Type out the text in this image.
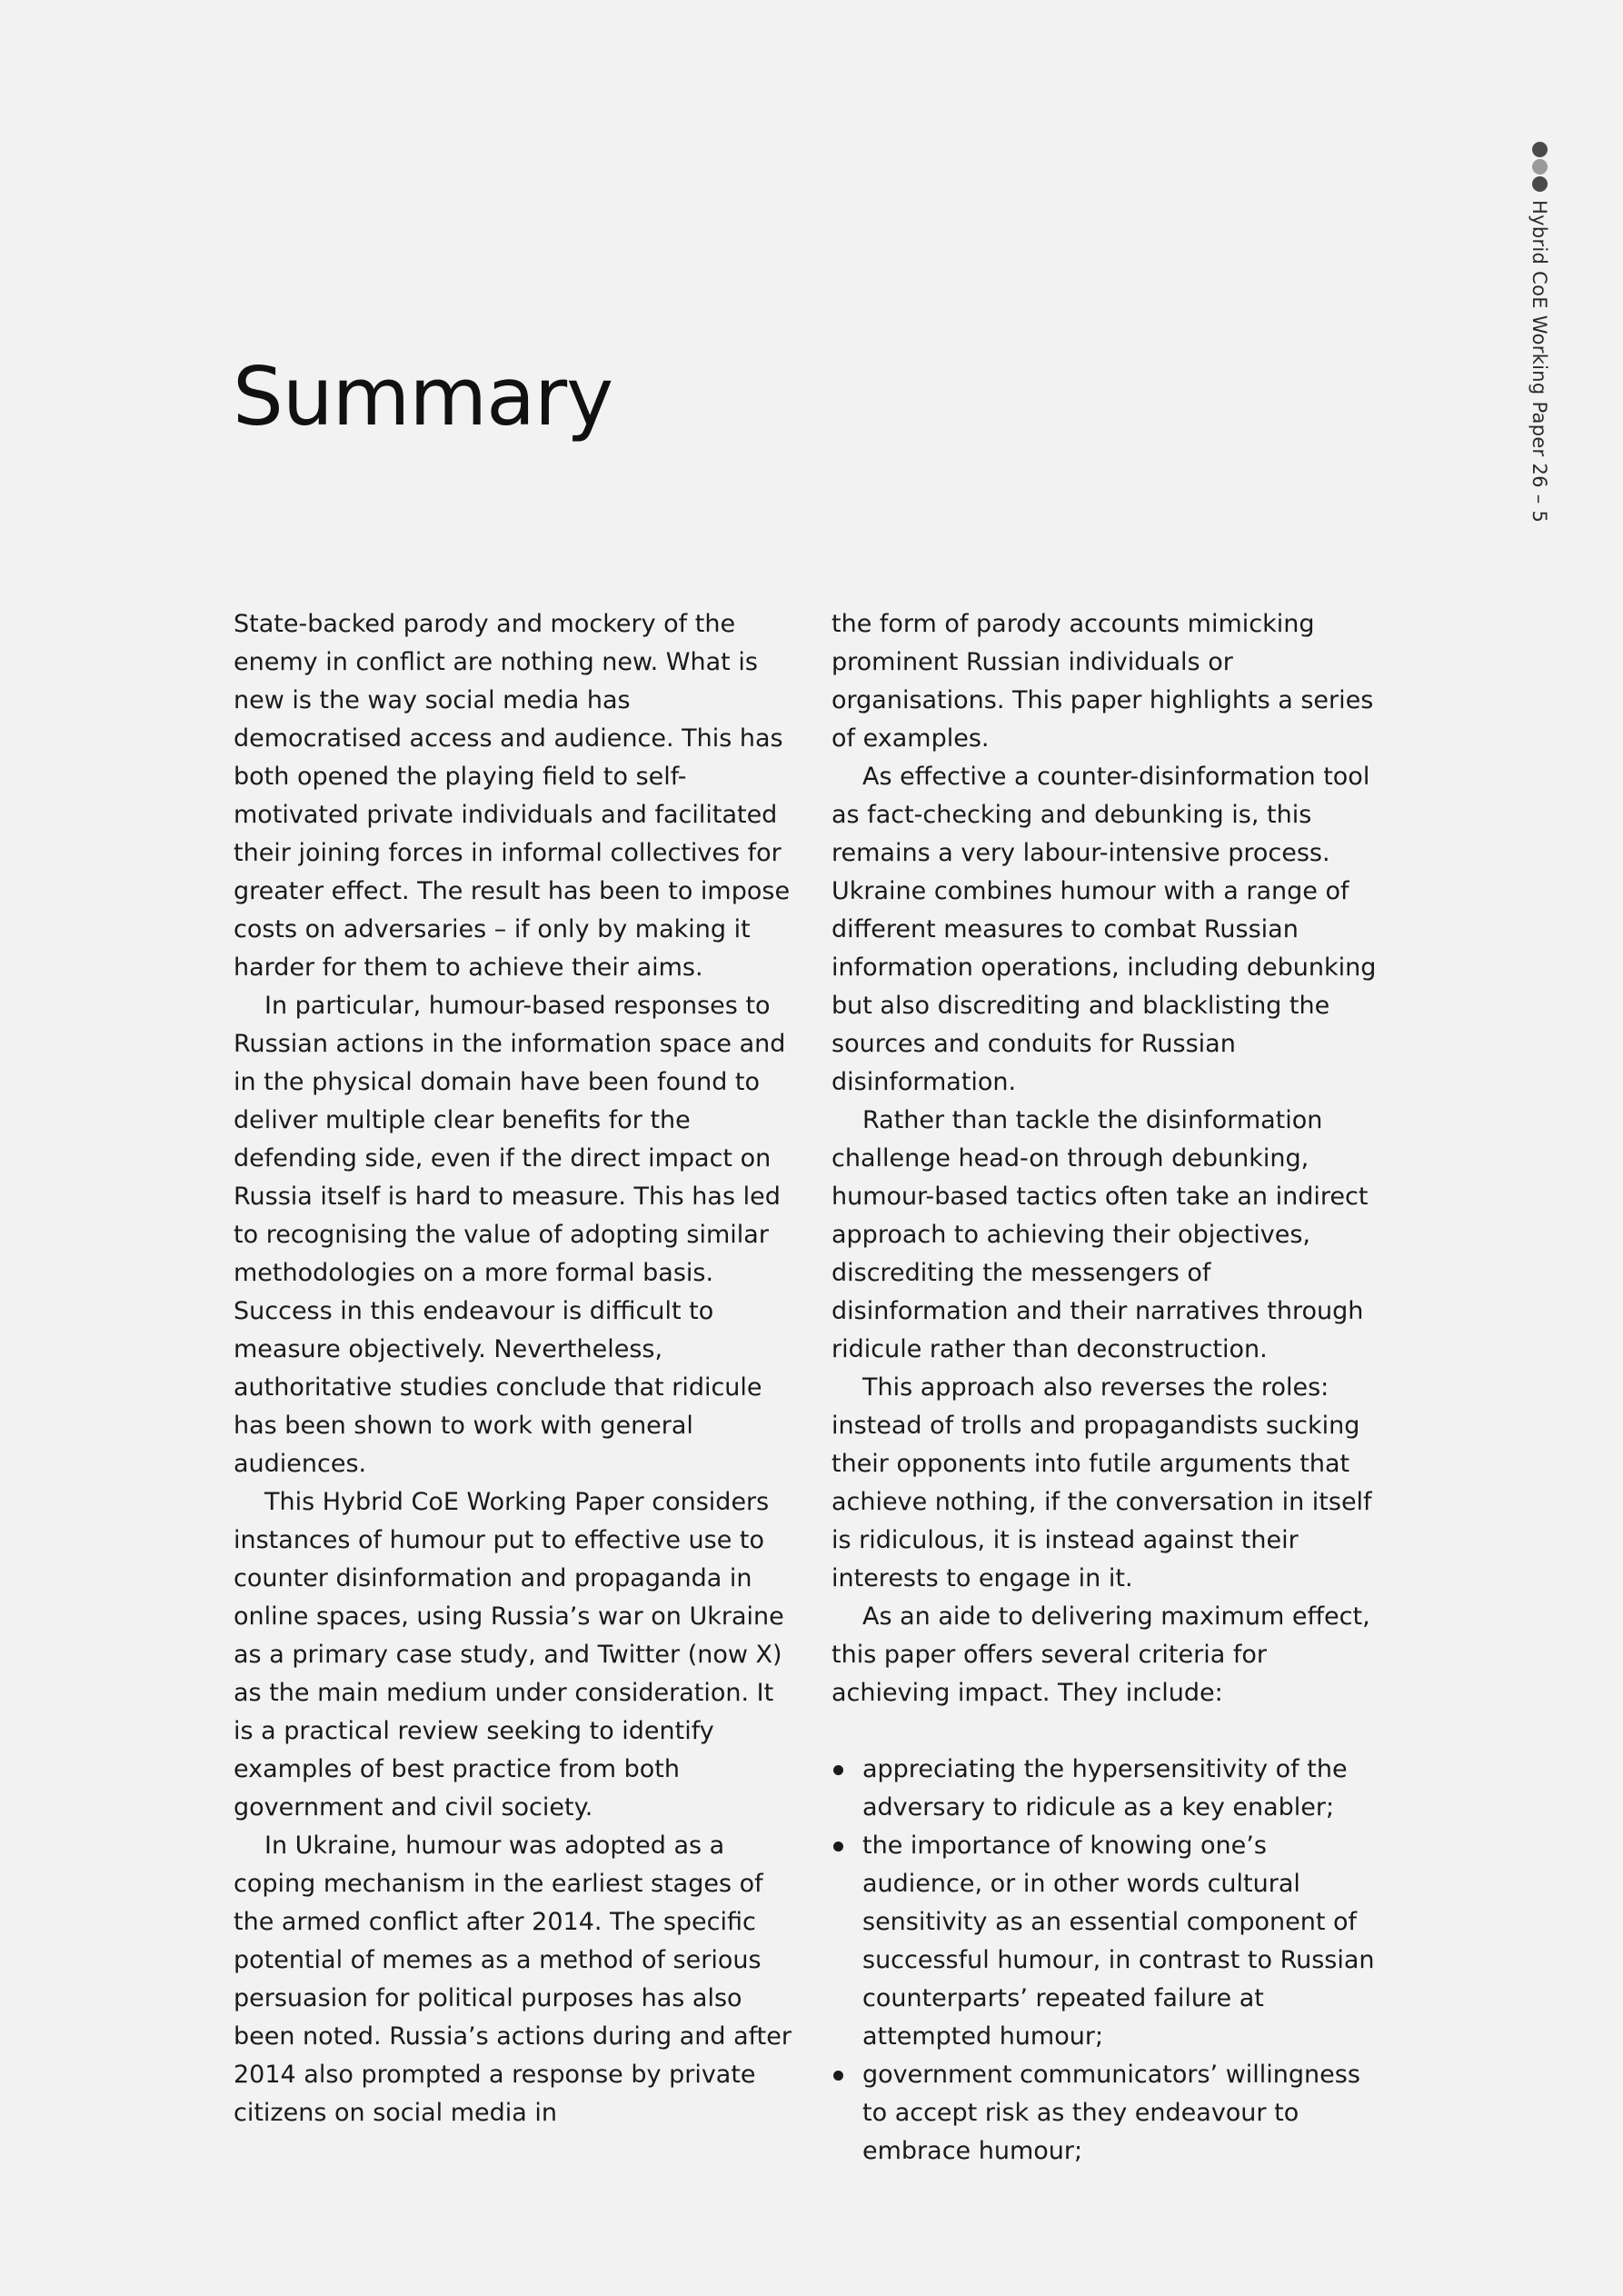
Hybrid CoE Working Paper 26 – 5
Summary

State-backed parody and mockery of the enemy in conflict are nothing new. What is new is the way social media has democratised access and audience. This has both opened the playing field to self-motivated private individuals and facilitated their joining forces in informal collectives for greater effect. The result has been to impose costs on adversaries – if only by making it harder for them to achieve their aims.

In particular, humour-based responses to Russian actions in the information space and in the physical domain have been found to deliver multiple clear benefits for the defending side, even if the direct impact on Russia itself is hard to measure. This has led to recognising the value of adopting similar methodologies on a more formal basis. Success in this endeavour is difficult to measure objectively. Nevertheless, authoritative studies conclude that ridicule has been shown to work with general audiences.

This Hybrid CoE Working Paper considers instances of humour put to effective use to counter disinformation and propaganda in online spaces, using Russia’s war on Ukraine as a primary case study, and Twitter (now X) as the main medium under consideration. It is a practical review seeking to identify examples of best practice from both government and civil society.

In Ukraine, humour was adopted as a coping mechanism in the earliest stages of the armed conflict after 2014. The specific potential of memes as a method of serious persuasion for political purposes has also been noted. Russia’s actions during and after 2014 also prompted a response by private citizens on social media in

the form of parody accounts mimicking prominent Russian individuals or organisations. This paper highlights a series of examples.

As effective a counter-disinformation tool as fact-checking and debunking is, this remains a very labour-intensive process. Ukraine combines humour with a range of different measures to combat Russian information operations, including debunking but also discrediting and blacklisting the sources and conduits for Russian disinformation.

Rather than tackle the disinformation challenge head-on through debunking, humour-based tactics often take an indirect approach to achieving their objectives, discrediting the messengers of disinformation and their narratives through ridicule rather than deconstruction.

This approach also reverses the roles: instead of trolls and propagandists sucking their opponents into futile arguments that achieve nothing, if the conversation in itself is ridiculous, it is instead against their interests to engage in it.

As an aide to delivering maximum effect, this paper offers several criteria for achieving impact. They include:

appreciating the hypersensitivity of the adversary to ridicule as a key enabler;
the importance of knowing one’s audience, or in other words cultural sensitivity as an essential component of successful humour, in contrast to Russian counterparts’ repeated failure at attempted humour;
government communicators’ willingness to accept risk as they endeavour to embrace humour;
